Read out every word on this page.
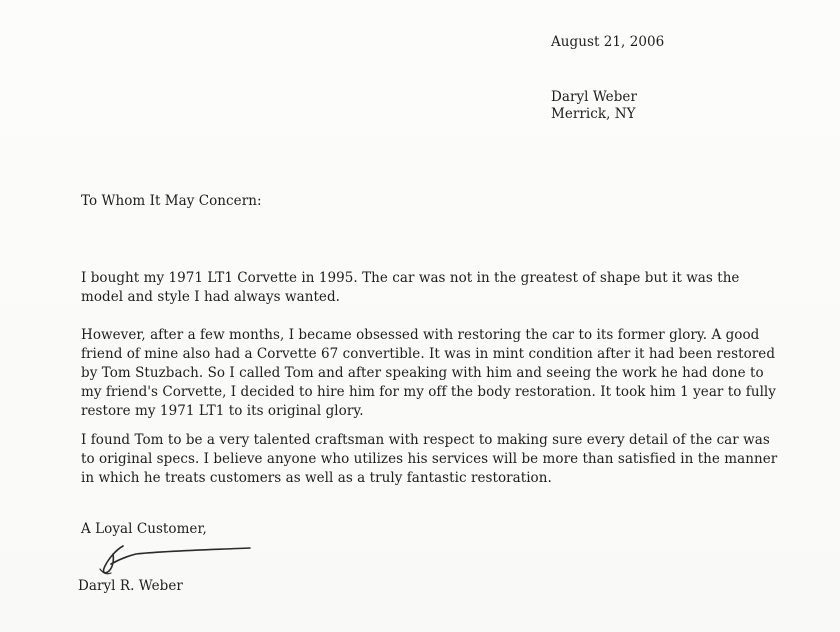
August 21, 2006
Daryl Weber
Merrick, NY
To Whom It May Concern:
I bought my 1971 LT1 Corvette in 1995. The car was not in the greatest of shape but it was the
model and style I had always wanted.
However, after a few months, I became obsessed with restoring the car to its former glory. A good
friend of mine also had a Corvette 67 convertible. It was in mint condition after it had been restored
by Tom Stuzbach. So I called Tom and after speaking with him and seeing the work he had done to
my friend's Corvette, I decided to hire him for my off the body restoration. It took him 1 year to fully
restore my 1971 LT1 to its original glory.
I found Tom to be a very talented craftsman with respect to making sure every detail of the car was
to original specs. I believe anyone who utilizes his services will be more than satisfied in the manner
in which he treats customers as well as a truly fantastic restoration.
A Loyal Customer,
Daryl R. Weber
